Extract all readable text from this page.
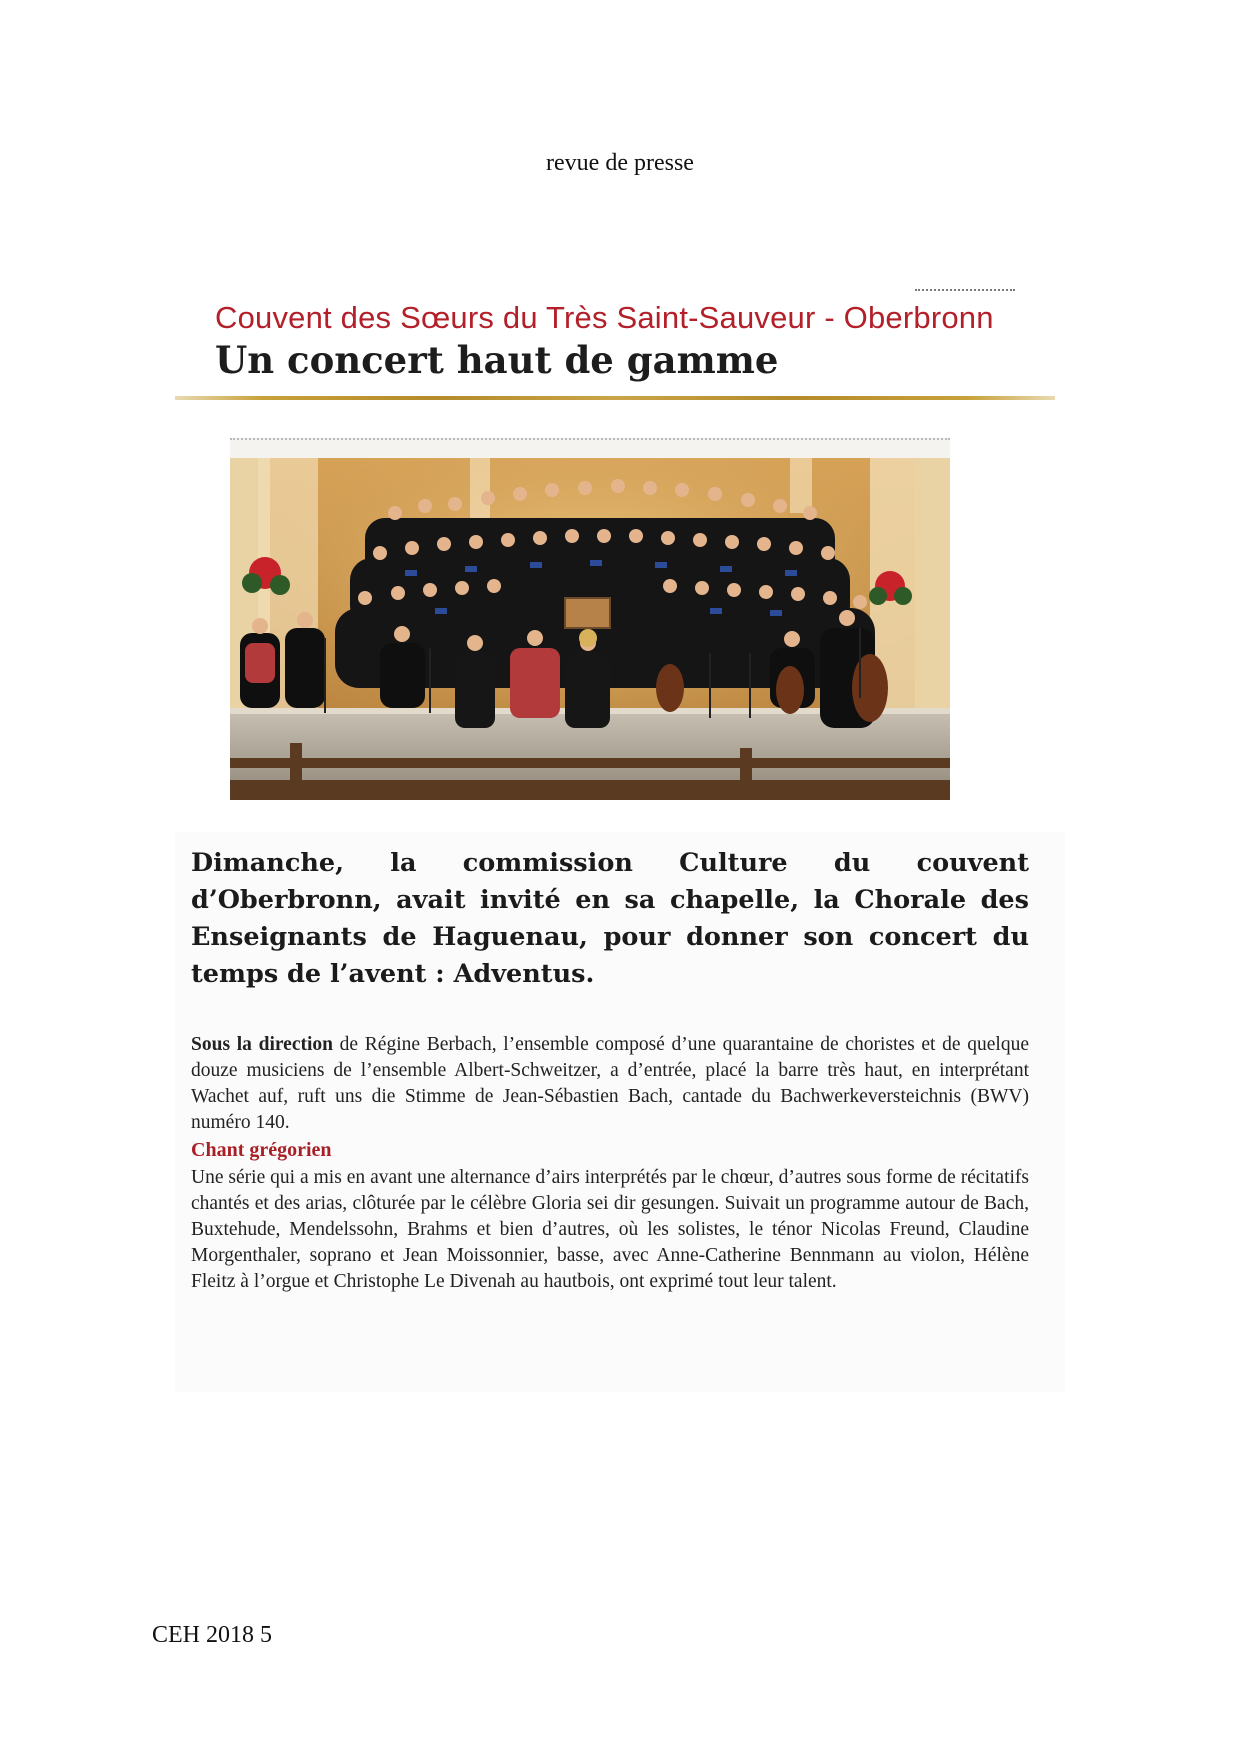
revue de presse
Couvent des Sœurs du Très Saint-Sauveur - Oberbronn
Un concert haut de gamme
Dimanche, la commission Culture du couvent d’Oberbronn, avait invité en sa chapelle, la Chorale des Enseignants de Haguenau, pour donner son concert du temps de l’avent : Adventus.
Sous la direction de Régine Berbach, l’ensemble composé d’une quarantaine de choristes et de quelque douze musiciens de l’ensemble Albert-Schweitzer, a d’entrée, placé la barre très haut, en interprétant Wachet auf, ruft uns die Stimme de Jean-Sébastien Bach, cantade du Bachwerkeversteichnis (BWV) numéro 140.
Chant grégorien
Une série qui a mis en avant une alternance d’airs interprétés par le chœur, d’autres sous forme de récitatifs chantés et des arias, clôturée par le célèbre Gloria sei dir gesungen. Suivait un programme autour de Bach, Buxtehude, Mendelssohn, Brahms et bien d’autres, où les solistes, le ténor Nicolas Freund, Claudine Morgenthaler, soprano et Jean Moissonnier, basse, avec Anne-Catherine Bennmann au violon, Hélène Fleitz à l’orgue et Christophe Le Divenah au hautbois, ont exprimé tout leur talent.
CEH 2018 5
